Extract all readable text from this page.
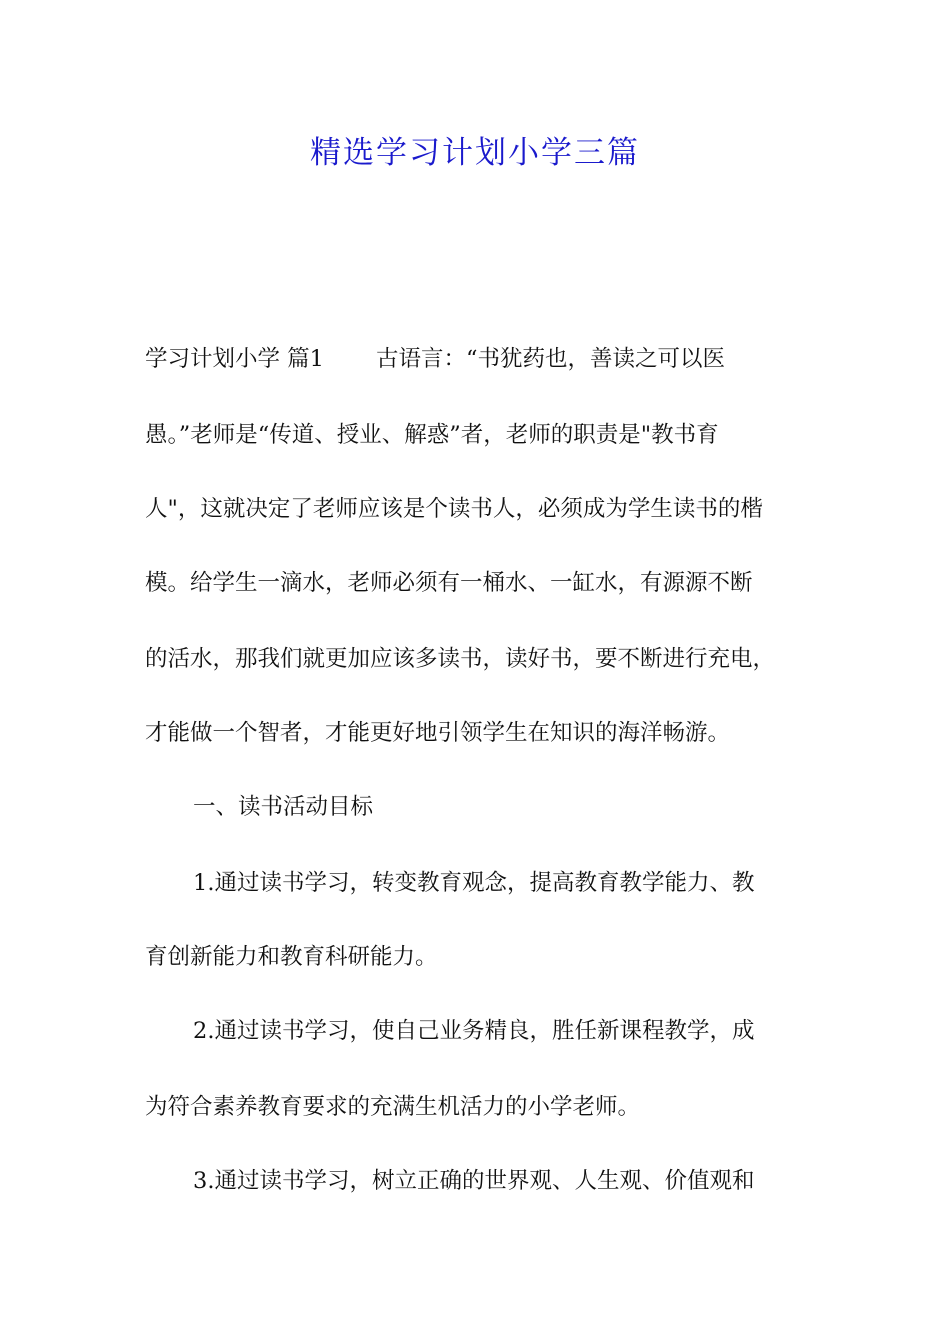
精选学习计划小学三篇
学习计划小学 篇1 古语言：“书犹药也，善读之可以医
愚。”老师是“传道、授业、解惑”者，老师的职责是"教书育
人"，这就决定了老师应该是个读书人，必须成为学生读书的楷
模。给学生一滴水，老师必须有一桶水、一缸水，有源源不断
的活水，那我们就更加应该多读书，读好书，要不断进行充电，
才能做一个智者，才能更好地引领学生在知识的海洋畅游。
一、读书活动目标
1.通过读书学习，转变教育观念，提高教育教学能力、教
育创新能力和教育科研能力。
2.通过读书学习，使自己业务精良，胜任新课程教学，成
为符合素养教育要求的充满生机活力的小学老师。
3.通过读书学习，树立正确的世界观、人生观、价值观和
